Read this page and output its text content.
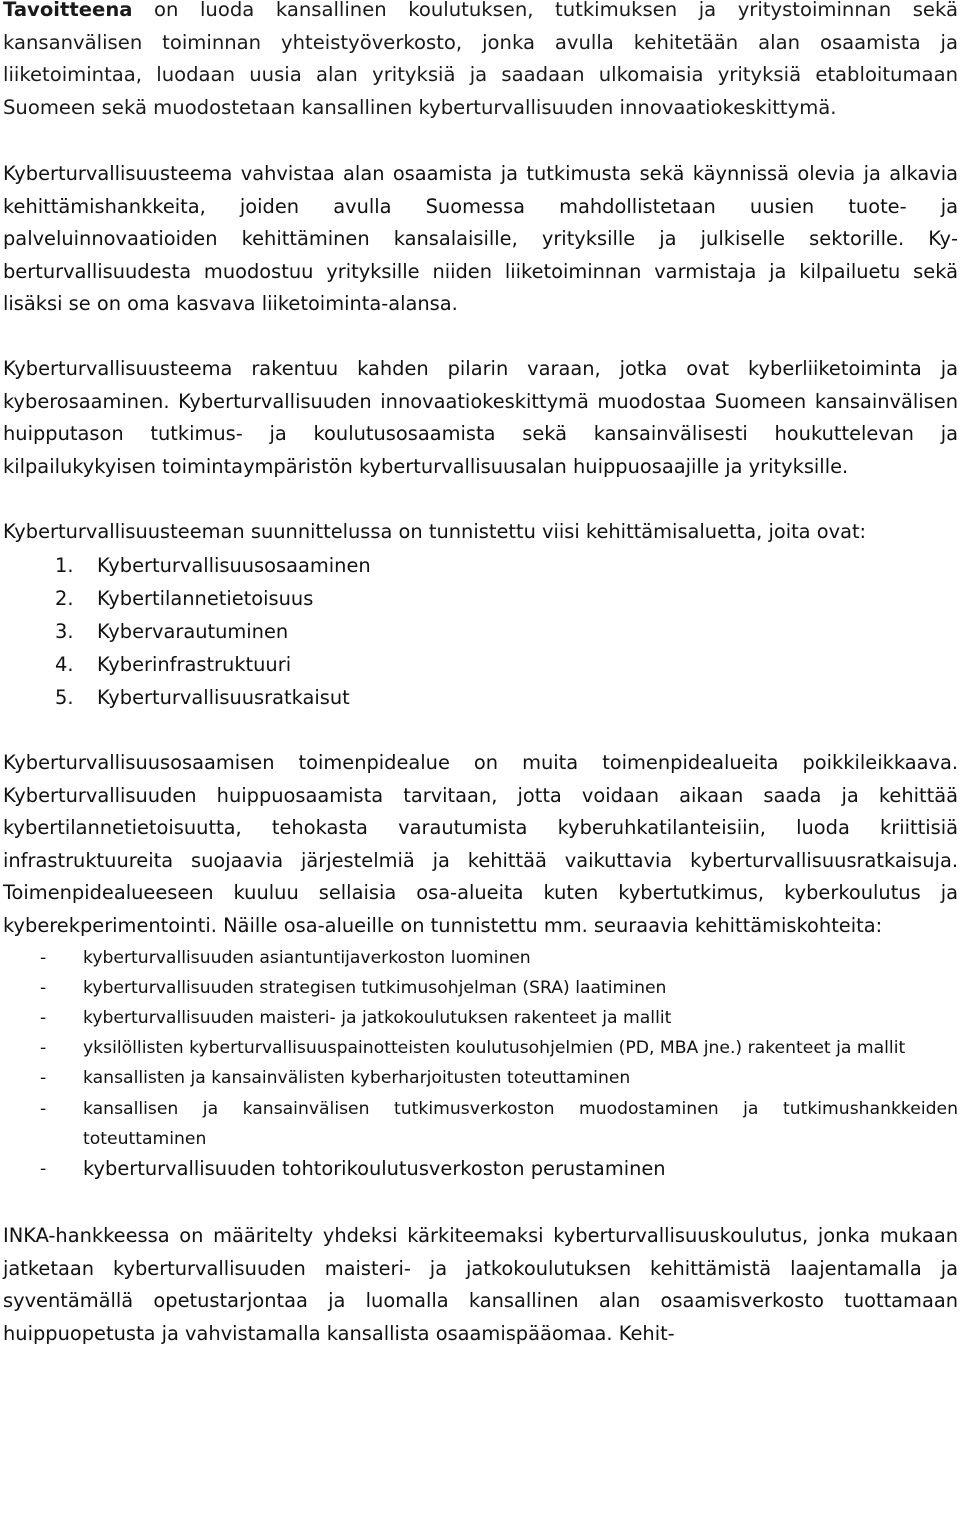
Tavoitteena on luoda kansallinen koulutuksen, tutkimuksen ja yritystoiminnan sekä kansanvälisen toiminnan yhteistyöverkosto, jonka avulla kehitetään alan osaamista ja liiketoimintaa, luodaan uusia alan yrityksiä ja saadaan ulkomaisia yrityksiä etabloitumaan Suomeen sekä muodostetaan kansallinen kyberturvallisuuden innovaatiokeskittymä.

Kyberturvallisuusteema vahvistaa alan osaamista ja tutkimusta sekä käynnissä olevia ja alkavia kehittämishankkeita, joiden avulla Suomessa mahdollistetaan uusien tuote- ja palveluinnovaatioiden kehittäminen kansalaisille, yrityksille ja julkiselle sektorille. Kyberturvallisuudesta muodostuu yrityksille niiden liiketoiminnan varmistaja ja kilpailuetu sekä lisäksi se on oma kasvava liiketoiminta-alansa.

Kyberturvallisuusteema rakentuu kahden pilarin varaan, jotka ovat kyberliiketoiminta ja kyberosaaminen. Kyberturvallisuuden innovaatiokeskittymä muodostaa Suomeen kansainvälisen huipputason tutkimus- ja koulutusosaamista sekä kansainvälisesti houkuttelevan ja kilpailukykyisen toimintaympäristön kyberturvallisuusalan huippuosaajille ja yrityksille.

Kyberturvallisuusteeman suunnittelussa on tunnistettu viisi kehittämisaluetta, joita ovat:

1.	Kyberturvallisuusosaaminen
2.	Kybertilannetietoisuus
3.	Kybervarautuminen
4.	Kyberinfrastruktuuri
5.	Kyberturvallisuusratkaisut

Kyberturvallisuusosaamisen toimenpidealue on muita toimenpidealueita poikkileikkaava. Kyberturvallisuuden huippuosaamista tarvitaan, jotta voidaan aikaan saada ja kehittää kybertilannetietoisuutta, tehokasta varautumista kyberuhkatilanteisiin, luoda kriittisiä infrastruktuureita suojaavia järjestelmiä ja kehittää vaikuttavia kyberturvallisuusratkaisuja. Toimenpidealueeseen kuuluu sellaisia osa-alueita kuten kybertutkimus, kyberkoulutus ja kyberekperimentointi. Näille osa-alueille on tunnistettu mm. seuraavia kehittämiskohteita:

-	kyberturvallisuuden asiantuntijaverkoston luominen
-	kyberturvallisuuden strategisen tutkimusohjelman (SRA) laatiminen
-	kyberturvallisuuden maisteri- ja jatkokoulutuksen rakenteet ja mallit
-	yksilöllisten kyberturvallisuuspainotteisten koulutusohjelmien (PD, MBA jne.) rakenteet ja mallit
-	kansallisten ja kansainvälisten kyberharjoitusten toteuttaminen
-	kansallisen ja kansainvälisen tutkimusverkoston muodostaminen ja tutkimushankkeiden toteuttaminen
-	kyberturvallisuuden tohtorikoulutusverkoston perustaminen

INKA-hankkeessa on määritelty yhdeksi kärkiteemaksi kyberturvallisuuskoulutus, jonka mukaan jatketaan kyberturvallisuuden maisteri- ja jatkokoulutuksen kehittämistä laajentamalla ja syventämällä opetustarjontaa ja luomalla kansallinen alan osaamisverkosto tuottamaan huippuopetusta ja vahvistamalla kansallista osaamispääomaa. Kehit-
